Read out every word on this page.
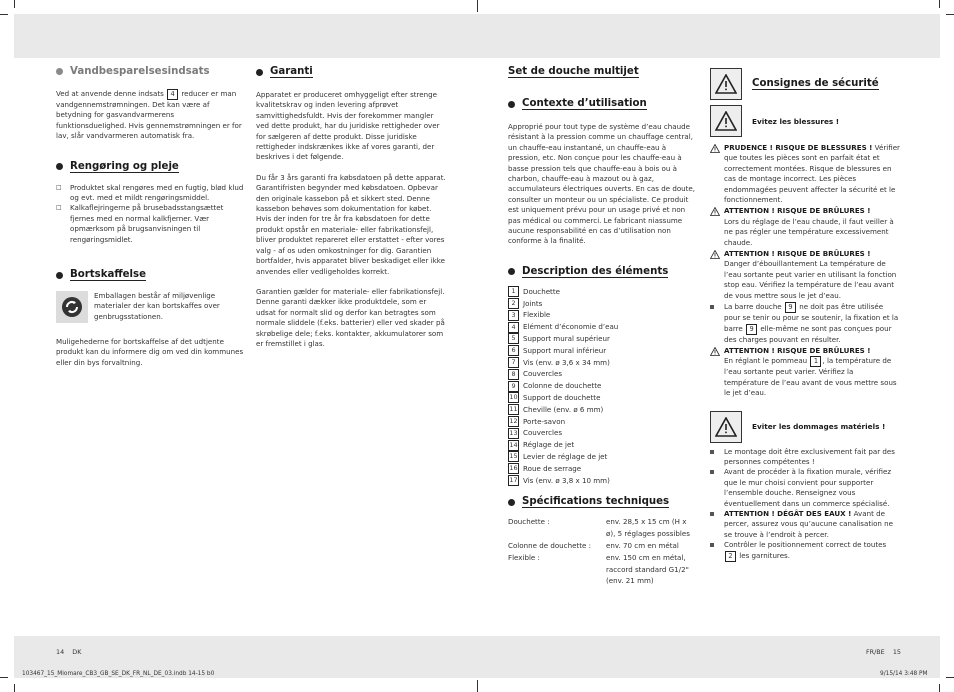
Vandbesparelsesindsats

Ved at anvende denne indsats 4 reducer er man vandgennemstrømningen. Det kan være af betydning for gasvandvarmerens funktionsdueIighed. Hvis gennemstrømningen er for lav, slår vandvarmeren automatisk fra.

Rengøring og pleje
□	Produktet skal rengøres med en fugtig, blød klud og evt. med et mildt rengøringsmiddel.
□	Kalkaflejringerne på brusebadsstangsættet fjernes med en normal kalkfjerner. Vær opmærksom på brugsanvisningen til rengøringsmidlet.
Bortskaffelse

Emballagen består af miljøvenlige materialer der kan bortskaffes over genbrugsstationen.

Muligehederne for bortskaffelse af det udtjente produkt kan du informere dig om ved din kommunes eller din bys forvaltning.

Garanti

Apparatet er produceret omhyggeligt efter strenge kvalitetskrav og inden levering afprøvet samvittighedsfuldt. Hvis der forekommer mangler ved dette produkt, har du juridiske rettigheder over for sælgeren af dette produkt. Disse juridiske rettigheder indskrænkes ikke af vores garanti, der beskrives i det følgende.

Du får 3 års garanti fra købsdatoen på dette apparat. Garantifristen begynder med købsdatoen. Opbevar den originale kassebon på et sikkert sted. Denne kassebon behøves som dokumentation for købet.

Hvis der inden for tre år fra købsdatoen for dette produkt opstår en materiale- eller fabrikationsfejl, bliver produktet repareret eller erstattet - efter vores valg - af os uden omkostninger for dig. Garantien bortfalder, hvis apparatet bliver beskadiget eller ikke anvendes eller vedligeholdes korrekt.

Garantien gælder for materiale- eller fabrikationsfejl. Denne garanti dækker ikke produktdele, som er udsat for normalt slid og derfor kan betragtes som normale sliddele (f.eks. batterier) eller ved skader på skrøbelige dele; f.eks. kontakter, akkumulatorer som er fremstillet i glas.

Set de douche multijet
Contexte d’utilisation

Approprié pour tout type de système d’eau chaude résistant à la pression comme un chauffage central, un chauffe-eau instantané, un chauffe-eau à pression, etc. Non conçue pour les chauffe-eau à basse pression tels que chauffe-eau à bois ou à charbon, chauffe-eau à mazout ou à gaz, accumulateurs électriques ouverts. En cas de doute, consulter un monteur ou un spécialiste. Ce produit est uniquement prévu pour un usage privé et non pas médical ou commerci. Le fabricant niassume aucune responsabilité en cas d’utilisation non conforme à la finalité.

Description des éléments
1	Douchette
2	Joints
3	Flexible
4	Elément d’économie d’eau
5	Support mural supérieur
6	Support mural inférieur
7	Vis (env. ø 3,6 x 34 mm)
8	Couvercles
9	Colonne de douchette
10 Support de douchette
11 Cheville (env. ø 6 mm)
12 Porte-savon
13 Couvercles
14 Réglage de jet
15 Levier de réglage de jet
16 Roue de serrage
17 Vis (env. ø 3,8 x 10 mm)
Spécifications techniques
Douchette :	env. 28,5 x 15 cm (H x ø), 5 réglages possibles
Colonne de douchette :	env. 70 cm en métal
Flexible :	env. 150 cm en métal, raccord standard G1/2" (env. 21 mm)
Consignes de sécurité
Evitez les blessures !

PRUDENCE ! RISQUE DE BLESSURES ! Vérifier que toutes les pièces sont en parfait état et correctement montées. Risque de blessures en cas de montage incorrect. Les pièces endommagées peuvent affecter la sécurité et le fonctionnement.

ATTENTION ! RISQUE DE BRÛLURES !
Lors du réglage de l’eau chaude, il faut veiller à ne pas régler une température excessivement chaude.

ATTENTION ! RISQUE DE BRÛLURES !
Danger d’ébouillantement La température de l’eau sortante peut varier en utilisant la fonction stop eau. Vérifiez la température de l’eau avant de vous mettre sous le jet d’eau.

La barre douche 9 ne doit pas être utilisée pour se tenir ou pour se soutenir, la fixation et la barre 9 elle-même ne sont pas conçues pour des charges pouvant en résulter.

ATTENTION ! RISQUE DE BRÛLURES !
En réglant le pommeau 1 , la température de l’eau sortante peut varier. Vérifiez la température de l’eau avant de vous mettre sous le jet d’eau.

Eviter les dommages matériels !

Le montage doit être exclusivement fait par des personnes compétentes !

Avant de procéder à la fixation murale, vérifiez que le mur choisi convient pour supporter l’ensemble douche. Renseignez vous éventuellement dans un commerce spécialisé.

ATTENTION ! DÉGÂT DES EAUX ! Avant de percer, assurez vous qu’aucune canalisation ne se trouve à l’endroit à percer.

Contrôler le positionnement correct de toutes
2 les garnitures.

14 DK	FR/BE 15
103467_15_Miomare_CB3_GB_SE_DK_FR_NL_DE_03.indb 14-15 b0	9/15/14 3:48 PM
